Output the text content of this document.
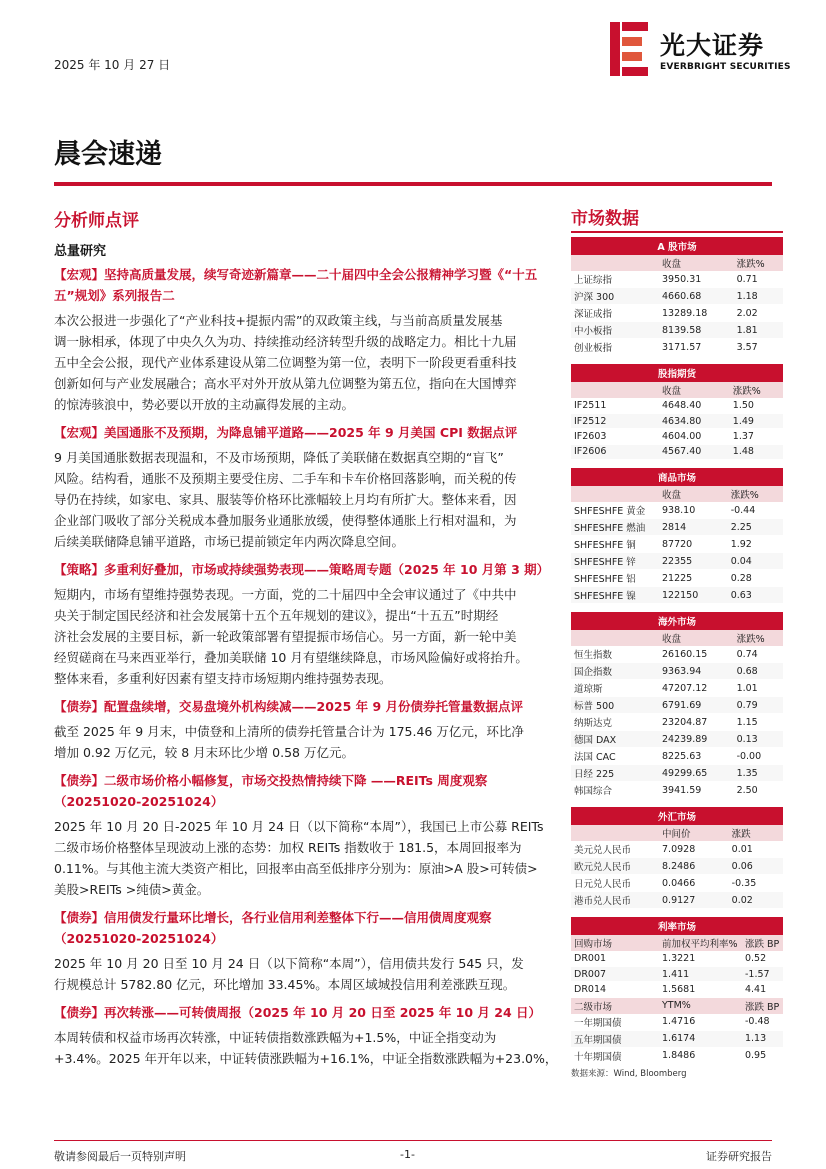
2025 年 10 月 27 日
光大证券
EVERBRIGHT SECURITIES
晨会速递
分析师点评
总量研究
【宏观】坚持高质量发展，续写奇迹新篇章——二十届四中全会公报精神学习暨《“十五五”规划》系列报告二
本次公报进一步强化了“产业科技+提振内需”的双政策主线，与当前高质量发展基
调一脉相承，体现了中央久久为功、持续推动经济转型升级的战略定力。相比十九届
五中全会公报，现代产业体系建设从第二位调整为第一位，表明下一阶段更看重科技
创新如何与产业发展融合；高水平对外开放从第九位调整为第五位，指向在大国博弈
的惊涛骇浪中，势必要以开放的主动赢得发展的主动。
【宏观】美国通胀不及预期，为降息铺平道路——2025 年 9 月美国 CPI 数据点评
9 月美国通胀数据表现温和，不及市场预期，降低了美联储在数据真空期的“盲飞”
风险。结构看，通胀不及预期主要受住房、二手车和卡车价格回落影响，而关税的传
导仍在持续，如家电、家具、服装等价格环比涨幅较上月均有所扩大。整体来看，因
企业部门吸收了部分关税成本叠加服务业通胀放缓，使得整体通胀上行相对温和，为
后续美联储降息铺平道路，市场已提前锁定年内两次降息空间。
【策略】多重利好叠加，市场或持续强势表现——策略周专题（2025 年 10 月第 3 期）
短期内，市场有望维持强势表现。一方面，党的二十届四中全会审议通过了《中共中
央关于制定国民经济和社会发展第十五个五年规划的建议》，提出“十五五”时期经
济社会发展的主要目标，新一轮政策部署有望提振市场信心。另一方面，新一轮中美
经贸磋商在马来西亚举行，叠加美联储 10 月有望继续降息，市场风险偏好或将抬升。
整体来看，多重利好因素有望支持市场短期内维持强势表现。
【债券】配置盘续增，交易盘境外机构续减——2025 年 9 月份债券托管量数据点评
截至 2025 年 9 月末，中债登和上清所的债券托管量合计为 175.46 万亿元，环比净
增加 0.92 万亿元，较 8 月末环比少增 0.58 万亿元。
【债券】二级市场价格小幅修复，市场交投热情持续下降 ——REITs 周度观察（20251020-20251024）
2025 年 10 月 20 日-2025 年 10 月 24 日（以下简称“本周”），我国已上市公募 REITs
二级市场价格整体呈现波动上涨的态势：加权 REITs 指数收于 181.5，本周回报率为
0.11%。与其他主流大类资产相比，回报率由高至低排序分别为：原油>A 股>可转债>
美股>REITs >纯债>黄金。
【债券】信用债发行量环比增长，各行业信用利差整体下行——信用债周度观察（20251020-20251024）
2025 年 10 月 20 日至 10 月 24 日（以下简称“本周”），信用债共发行 545 只，发
行规模总计 5782.80 亿元，环比增加 33.45%。本周区域城投信用利差涨跌互现。
【债券】再次转涨——可转债周报（2025 年 10 月 20 日至 2025 年 10 月 24 日）
本周转债和权益市场再次转涨，中证转债指数涨跌幅为+1.5%，中证全指变动为
+3.4%。2025 年开年以来，中证转债涨跌幅为+16.1%，中证全指数涨跌幅为+23.0%，
市场数据
A 股市场
	收盘	涨跌%
上证综指	3950.31	0.71
沪深 300	4660.68	1.18
深证成指	13289.18	2.02
中小板指	8139.58	1.81
创业板指	3171.57	3.57
股指期货
	收盘	涨跌%
IF2511	4648.40	1.50
IF2512	4634.80	1.49
IF2603	4604.00	1.37
IF2606	4567.40	1.48
商品市场
	收盘	涨跌%
SHFESHFE 黄金	938.10	-0.44
SHFESHFE 燃油	2814	2.25
SHFESHFE 铜	87720	1.92
SHFESHFE 锌	22355	0.04
SHFESHFE 铝	21225	0.28
SHFESHFE 镍	122150	0.63
海外市场
	收盘	涨跌%
恒生指数	26160.15	0.74
国企指数	9363.94	0.68
道琼斯	47207.12	1.01
标普 500	6791.69	0.79
纳斯达克	23204.87	1.15
德国 DAX	24239.89	0.13
法国 CAC	8225.63	-0.00
日经 225	49299.65	1.35
韩国综合	3941.59	2.50
外汇市场
	中间价	涨跌
美元兑人民币	7.0928	0.01
欧元兑人民币	8.2486	0.06
日元兑人民币	0.0466	-0.35
港币兑人民币	0.9127	0.02
利率市场
回购市场	前加权平均利率%	涨跌 BP
DR001	1.3221	0.52
DR007	1.411	-1.57
DR014	1.5681	4.41
二级市场	YTM%	涨跌 BP
一年期国债	1.4716	-0.48
五年期国债	1.6174	1.13
十年期国债	1.8486	0.95
数据来源：Wind, Bloomberg
敬请参阅最后一页特别声明	-1-	证券研究报告
